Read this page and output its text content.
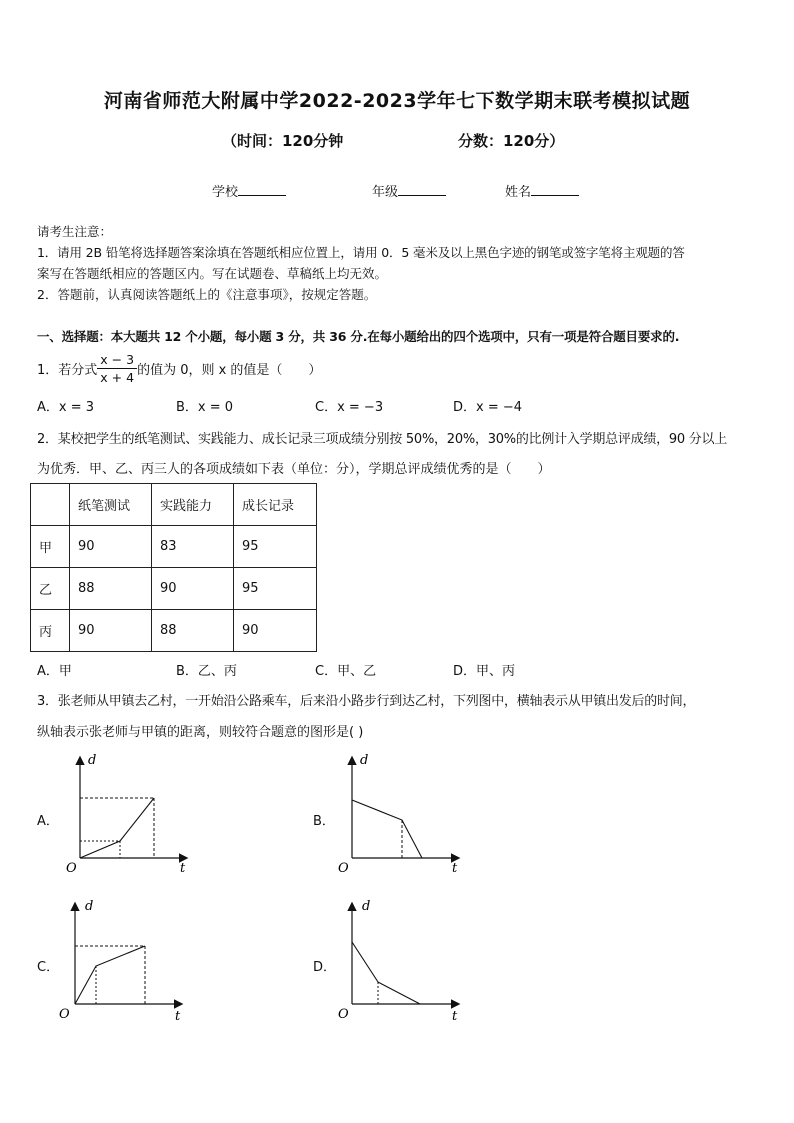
河南省师范大附属中学2022-2023学年七下数学期末联考模拟试题
（时间：120分钟	分数：120分）
学校	年级	姓名
请考生注意：
1．请用 2B 铅笔将选择题答案涂填在答题纸相应位置上，请用 0．5 毫米及以上黑色字迹的钢笔或签字笔将主观题的答
案写在答题纸相应的答题区内。写在试题卷、草稿纸上均无效。
2．答题前，认真阅读答题纸上的《注意事项》，按规定答题。
一、选择题：本大题共 12 个小题，每小题 3 分，共 36 分.在每小题给出的四个选项中，只有一项是符合题目要求的.
1．若分式 $\frac{x - 3}{x + 4}$ 的值为 0，则 x 的值是（　　）
A．x = 3	B．x = 0	C．x = −3	D．x = −4
2．某校把学生的纸笔测试、实践能力、成长记录三项成绩分别按 50%，20%，30%的比例计入学期总评成绩，90 分以上
为优秀．甲、乙、丙三人的各项成绩如下表（单位：分），学期总评成绩优秀的是（　　）
	纸笔测试	实践能力	成长记录
甲	90	83	95
乙	88	90	95
丙	90	88	90
A．甲	B．乙、丙	C．甲、乙	D．甲、丙
3．张老师从甲镇去乙村，一开始沿公路乘车，后来沿小路步行到达乙村，下列图中，横轴表示从甲镇出发后的时间，
纵轴表示张老师与甲镇的距离，则较符合题意的图形是( )
A．	B．
C．	D．
d
t
O
d
t
O
d
t
O
d
t
O
